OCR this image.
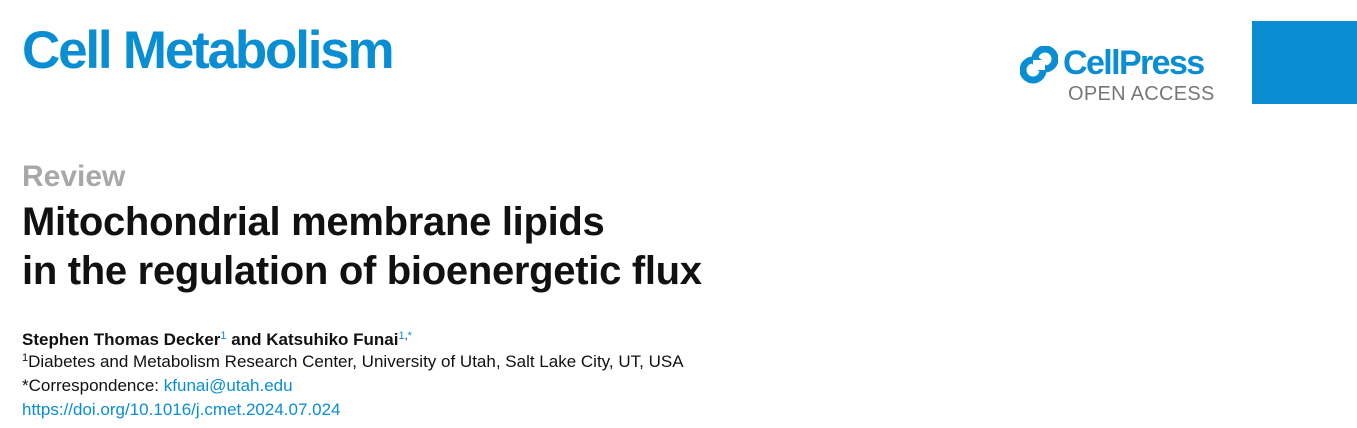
Cell Metabolism	CellPress
OPEN ACCESS
Review
Mitochondrial membrane lipids
in the regulation of bioenergetic flux
Stephen Thomas Decker$^1$ and Katsuhiko Funai$^{1,*}$
$^1$Diabetes and Metabolism Research Center, University of Utah, Salt Lake City, UT, USA
*Correspondence: kfunai@utah.edu
https://doi.org/10.1016/j.cmet.2024.07.024
